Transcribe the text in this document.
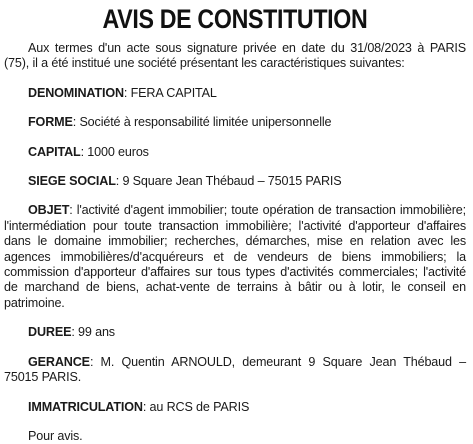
AVIS DE CONSTITUTION

Aux termes d'un acte sous signature privée en date du 31/08/2023 à PARIS (75), il a été institué une société présentant les caractéristiques suivantes:

DENOMINATION: FERA CAPITAL

FORME: Société à responsabilité limitée unipersonnelle

CAPITAL: 1000 euros

SIEGE SOCIAL: 9 Square Jean Thébaud – 75015 PARIS

OBJET: l'activité d'agent immobilier; toute opération de transaction immobilière; l'intermédiation pour toute transaction immobilière; l'activité d'apporteur d'affaires dans le domaine immobilier; recherches, démarches, mise en relation avec les agences immobilières/d'acquéreurs et de vendeurs de biens immobiliers; la commission d'apporteur d'affaires sur tous types d'activités commerciales; l'activité de marchand de biens, achat-vente de terrains à bâtir ou à lotir, le conseil en patrimoine.

DUREE: 99 ans

GERANCE: M. Quentin ARNOULD, demeurant 9 Square Jean Thébaud – 75015 PARIS.

IMMATRICULATION: au RCS de PARIS

Pour avis.
